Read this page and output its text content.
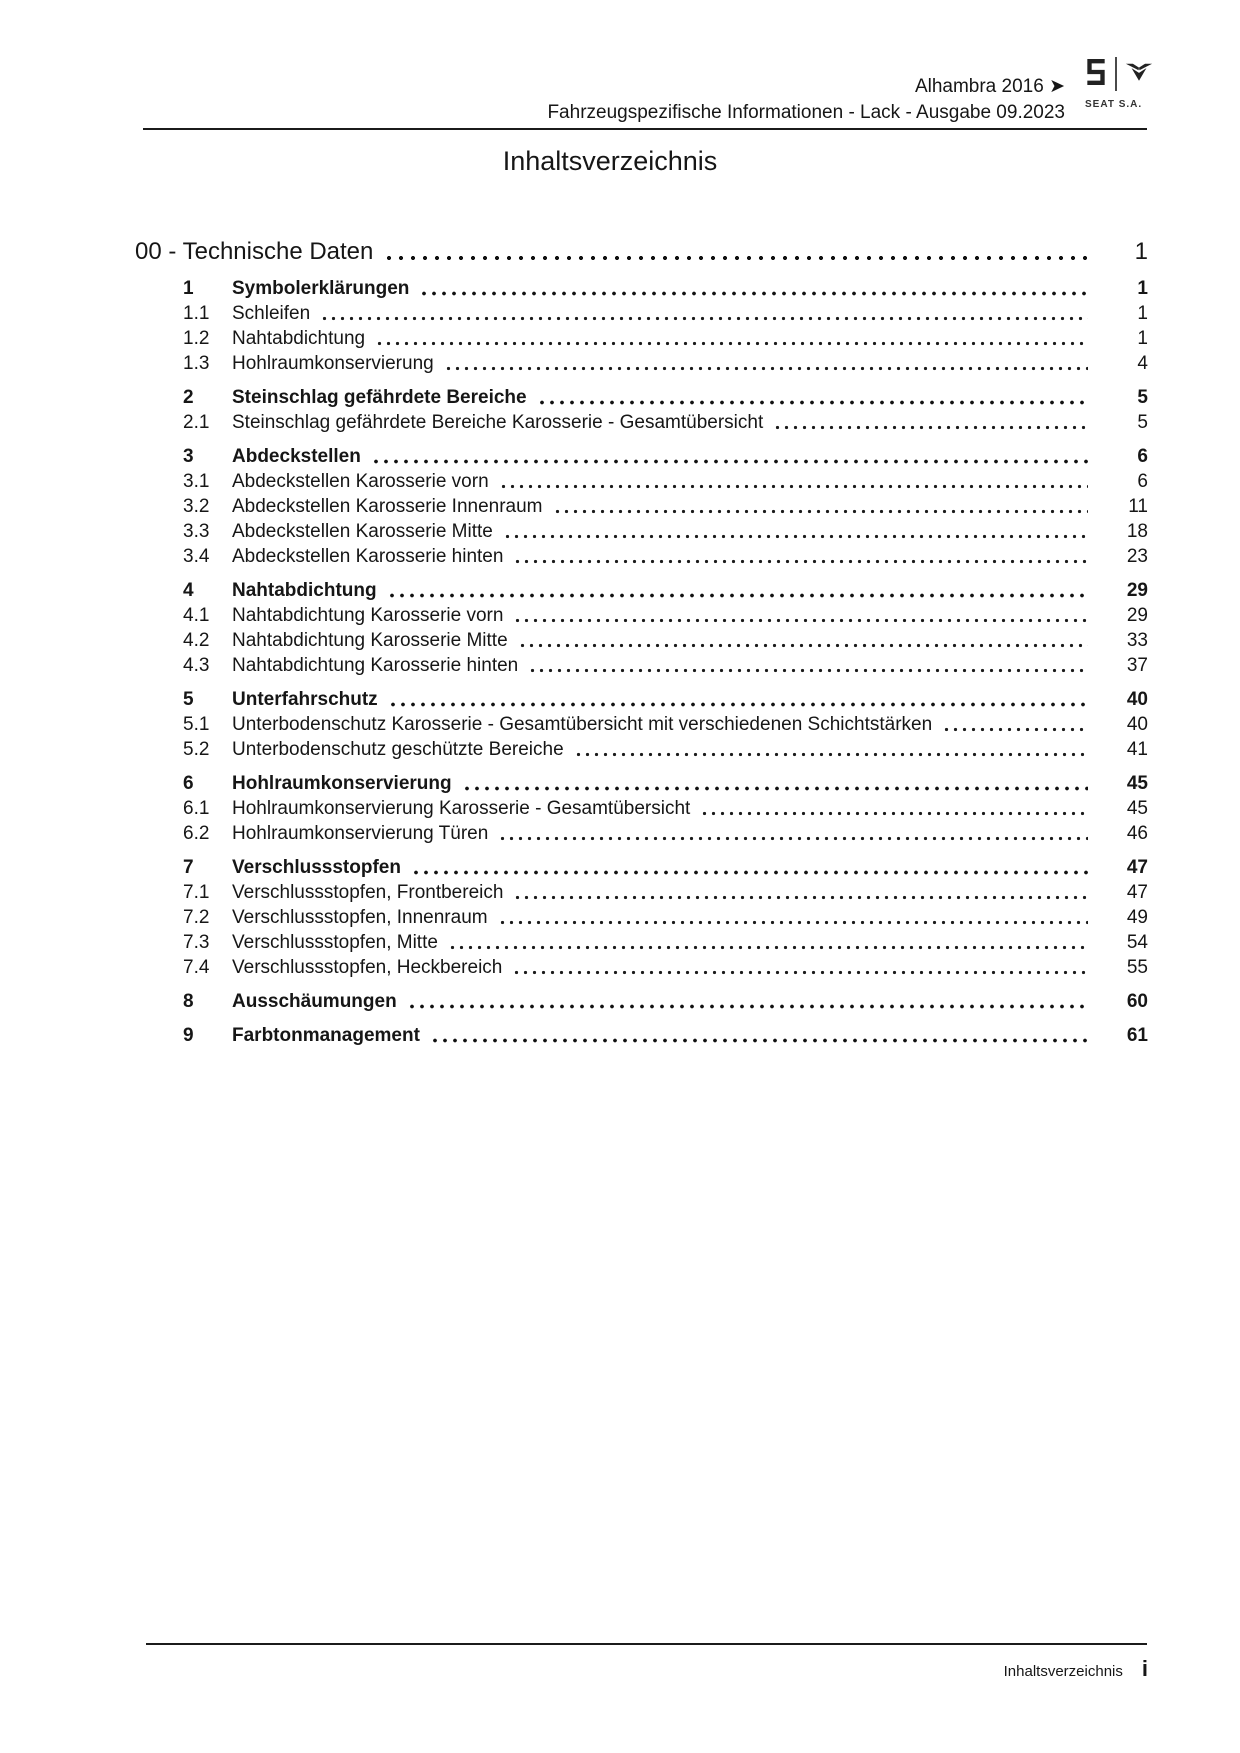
Alhambra 2016 ➤
Fahrzeugspezifische Informationen - Lack - Ausgabe 09.2023 SEAT S.A.
Inhaltsverzeichnis
00 - Technische Daten	1
1	Symbolerklärungen	1
1.1	Schleifen	1
1.2	Nahtabdichtung	1
1.3	Hohlraumkonservierung	4
2	Steinschlag gefährdete Bereiche	5
2.1	Steinschlag gefährdete Bereiche Karosserie - Gesamtübersicht	5
3	Abdeckstellen	6
3.1	Abdeckstellen Karosserie vorn	6
3.2	Abdeckstellen Karosserie Innenraum	11
3.3	Abdeckstellen Karosserie Mitte	18
3.4	Abdeckstellen Karosserie hinten	23
4	Nahtabdichtung	29
4.1	Nahtabdichtung Karosserie vorn	29
4.2	Nahtabdichtung Karosserie Mitte	33
4.3	Nahtabdichtung Karosserie hinten	37
5	Unterfahrschutz	40
5.1	Unterbodenschutz Karosserie - Gesamtübersicht mit verschiedenen Schichtstärken	40
5.2	Unterbodenschutz geschützte Bereiche	41
6	Hohlraumkonservierung	45
6.1	Hohlraumkonservierung Karosserie - Gesamtübersicht	45
6.2	Hohlraumkonservierung Türen	46
7	Verschlussstopfen	47
7.1	Verschlussstopfen, Frontbereich	47
7.2	Verschlussstopfen, Innenraum	49
7.3	Verschlussstopfen, Mitte	54
7.4	Verschlussstopfen, Heckbereich	55
8	Ausschäumungen	60
9	Farbtonmanagement	61
Inhaltsverzeichnis i
